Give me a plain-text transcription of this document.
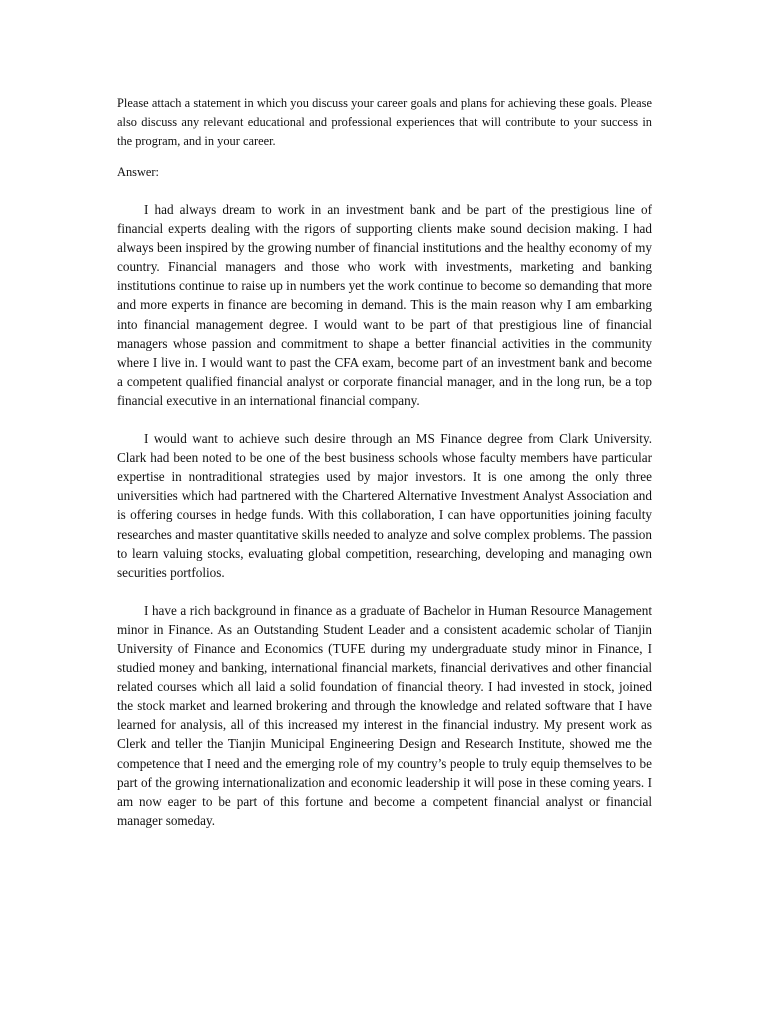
Please attach a statement in which you discuss your career goals and plans for achieving these goals. Please also discuss any relevant educational and professional experiences that will contribute to your success in the program, and in your career.

Answer:

I had always dream to work in an investment bank and be part of the prestigious line of financial experts dealing with the rigors of supporting clients make sound decision making. I had always been inspired by the growing number of financial institutions and the healthy economy of my country. Financial managers and those who work with investments, marketing and banking institutions continue to raise up in numbers yet the work continue to become so demanding that more and more experts in finance are becoming in demand. This is the main reason why I am embarking into financial management degree. I would want to be part of that prestigious line of financial managers whose passion and commitment to shape a better financial activities in the community where I live in. I would want to past the CFA exam, become part of an investment bank and become a competent qualified financial analyst or corporate financial manager, and in the long run, be a top financial executive in an international financial company.

I would want to achieve such desire through an MS Finance degree from Clark University. Clark had been noted to be one of the best business schools whose faculty members have particular expertise in nontraditional strategies used by major investors. It is one among the only three universities which had partnered with the Chartered Alternative Investment Analyst Association and is offering courses in hedge funds. With this collaboration, I can have opportunities joining faculty researches and master quantitative skills needed to analyze and solve complex problems. The passion to learn valuing stocks, evaluating global competition, researching, developing and managing own securities portfolios.

I have a rich background in finance as a graduate of Bachelor in Human Resource Management minor in Finance. As an Outstanding Student Leader and a consistent academic scholar of Tianjin University of Finance and Economics (TUFE during my undergraduate study minor in Finance, I studied money and banking, international financial markets, financial derivatives and other financial related courses which all laid a solid foundation of financial theory. I had invested in stock, joined the stock market and learned brokering and through the knowledge and related software that I have learned for analysis, all of this increased my interest in the financial industry. My present work as Clerk and teller the Tianjin Municipal Engineering Design and Research Institute, showed me the competence that I need and the emerging role of my country’s people to truly equip themselves to be part of the growing internationalization and economic leadership it will pose in these coming years. I am now eager to be part of this fortune and become a competent financial analyst or financial manager someday.
